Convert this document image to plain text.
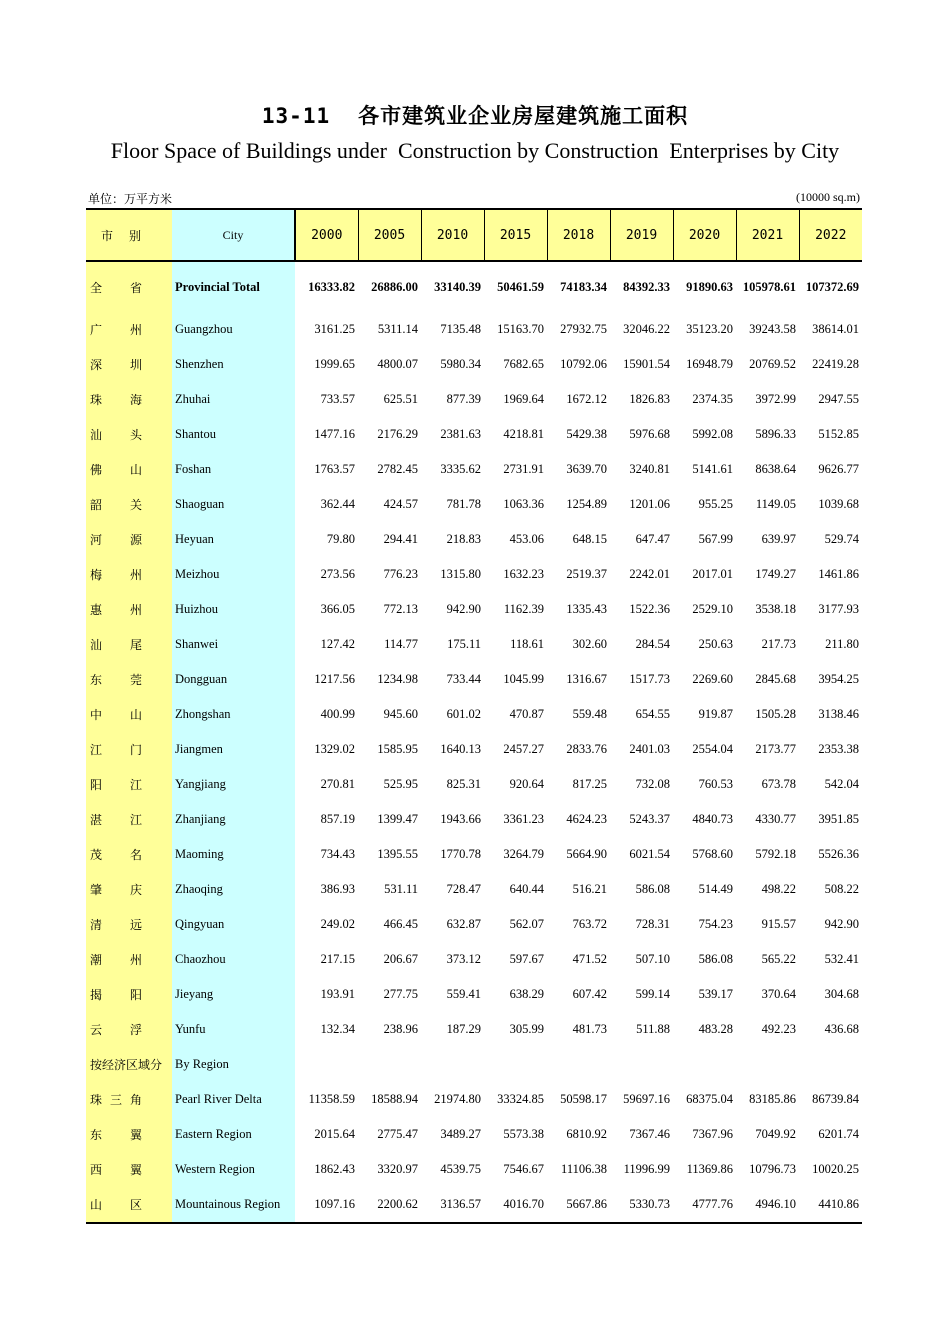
13-11 各市建筑业企业房屋建筑施工面积
Floor Space of Buildings under  Construction by Construction  Enterprises by City
单位：万平方米	(10000 sq.m)
市别	City	2000	2005	2010	2015	2018	2019	2020	2021	2022
全省	Provincial Total	16333.82	26886.00	33140.39	50461.59	74183.34	84392.33	91890.63	105978.61	107372.69
广州	Guangzhou	3161.25	5311.14	7135.48	15163.70	27932.75	32046.22	35123.20	39243.58	38614.01
深圳	Shenzhen	1999.65	4800.07	5980.34	7682.65	10792.06	15901.54	16948.79	20769.52	22419.28
珠海	Zhuhai	733.57	625.51	877.39	1969.64	1672.12	1826.83	2374.35	3972.99	2947.55
汕头	Shantou	1477.16	2176.29	2381.63	4218.81	5429.38	5976.68	5992.08	5896.33	5152.85
佛山	Foshan	1763.57	2782.45	3335.62	2731.91	3639.70	3240.81	5141.61	8638.64	9626.77
韶关	Shaoguan	362.44	424.57	781.78	1063.36	1254.89	1201.06	955.25	1149.05	1039.68
河源	Heyuan	79.80	294.41	218.83	453.06	648.15	647.47	567.99	639.97	529.74
梅州	Meizhou	273.56	776.23	1315.80	1632.23	2519.37	2242.01	2017.01	1749.27	1461.86
惠州	Huizhou	366.05	772.13	942.90	1162.39	1335.43	1522.36	2529.10	3538.18	3177.93
汕尾	Shanwei	127.42	114.77	175.11	118.61	302.60	284.54	250.63	217.73	211.80
东莞	Dongguan	1217.56	1234.98	733.44	1045.99	1316.67	1517.73	2269.60	2845.68	3954.25
中山	Zhongshan	400.99	945.60	601.02	470.87	559.48	654.55	919.87	1505.28	3138.46
江门	Jiangmen	1329.02	1585.95	1640.13	2457.27	2833.76	2401.03	2554.04	2173.77	2353.38
阳江	Yangjiang	270.81	525.95	825.31	920.64	817.25	732.08	760.53	673.78	542.04
湛江	Zhanjiang	857.19	1399.47	1943.66	3361.23	4624.23	5243.37	4840.73	4330.77	3951.85
茂名	Maoming	734.43	1395.55	1770.78	3264.79	5664.90	6021.54	5768.60	5792.18	5526.36
肇庆	Zhaoqing	386.93	531.11	728.47	640.44	516.21	586.08	514.49	498.22	508.22
清远	Qingyuan	249.02	466.45	632.87	562.07	763.72	728.31	754.23	915.57	942.90
潮州	Chaozhou	217.15	206.67	373.12	597.67	471.52	507.10	586.08	565.22	532.41
揭阳	Jieyang	193.91	277.75	559.41	638.29	607.42	599.14	539.17	370.64	304.68
云浮	Yunfu	132.34	238.96	187.29	305.99	481.73	511.88	483.28	492.23	436.68
按经济区域分	By Region									
珠三角	Pearl River Delta	11358.59	18588.94	21974.80	33324.85	50598.17	59697.16	68375.04	83185.86	86739.84
东翼	Eastern Region	2015.64	2775.47	3489.27	5573.38	6810.92	7367.46	7367.96	7049.92	6201.74
西翼	Western Region	1862.43	3320.97	4539.75	7546.67	11106.38	11996.99	11369.86	10796.73	10020.25
山区	Mountainous Region	1097.16	2200.62	3136.57	4016.70	5667.86	5330.73	4777.76	4946.10	4410.86
